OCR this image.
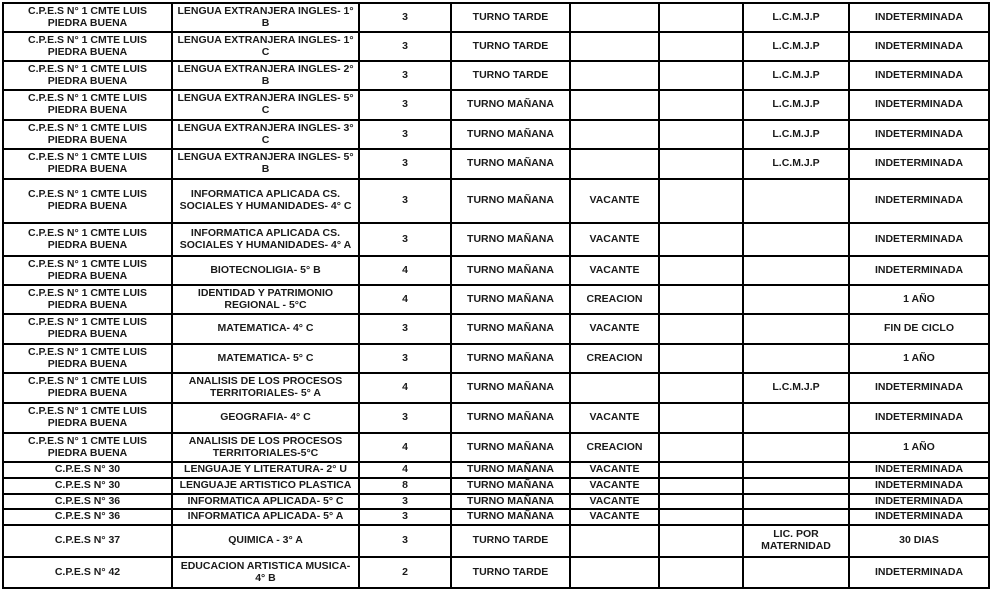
C.P.E.S N° 1 CMTE LUIS PIEDRA BUENA	LENGUA EXTRANJERA INGLES- 1° B	3	TURNO TARDE			L.C.M.J.P	INDETERMINADA
C.P.E.S N° 1 CMTE LUIS PIEDRA BUENA	LENGUA EXTRANJERA INGLES- 1° C	3	TURNO TARDE			L.C.M.J.P	INDETERMINADA
C.P.E.S N° 1 CMTE LUIS PIEDRA BUENA	LENGUA EXTRANJERA INGLES- 2° B	3	TURNO TARDE			L.C.M.J.P	INDETERMINADA
C.P.E.S N° 1 CMTE LUIS PIEDRA BUENA	LENGUA EXTRANJERA INGLES- 5° C	3	TURNO MAÑANA			L.C.M.J.P	INDETERMINADA
C.P.E.S N° 1 CMTE LUIS PIEDRA BUENA	LENGUA EXTRANJERA INGLES- 3° C	3	TURNO MAÑANA			L.C.M.J.P	INDETERMINADA
C.P.E.S N° 1 CMTE LUIS PIEDRA BUENA	LENGUA EXTRANJERA INGLES- 5° B	3	TURNO MAÑANA			L.C.M.J.P	INDETERMINADA
C.P.E.S N° 1 CMTE LUIS PIEDRA BUENA	INFORMATICA APLICADA CS. SOCIALES Y HUMANIDADES- 4° C	3	TURNO MAÑANA	VACANTE			INDETERMINADA
C.P.E.S N° 1 CMTE LUIS PIEDRA BUENA	INFORMATICA APLICADA CS. SOCIALES Y HUMANIDADES- 4° A	3	TURNO MAÑANA	VACANTE			INDETERMINADA
C.P.E.S N° 1 CMTE LUIS PIEDRA BUENA	BIOTECNOLIGIA- 5° B	4	TURNO MAÑANA	VACANTE			INDETERMINADA
C.P.E.S N° 1 CMTE LUIS PIEDRA BUENA	IDENTIDAD Y PATRIMONIO REGIONAL - 5°C	4	TURNO MAÑANA	CREACION			1 AÑO
C.P.E.S N° 1 CMTE LUIS PIEDRA BUENA	MATEMATICA- 4° C	3	TURNO MAÑANA	VACANTE			FIN DE CICLO
C.P.E.S N° 1 CMTE LUIS PIEDRA BUENA	MATEMATICA- 5° C	3	TURNO MAÑANA	CREACION			1 AÑO
C.P.E.S N° 1 CMTE LUIS PIEDRA BUENA	ANALISIS DE LOS PROCESOS TERRITORIALES- 5° A	4	TURNO MAÑANA			L.C.M.J.P	INDETERMINADA
C.P.E.S N° 1 CMTE LUIS PIEDRA BUENA	GEOGRAFIA- 4° C	3	TURNO MAÑANA	VACANTE			INDETERMINADA
C.P.E.S N° 1 CMTE LUIS PIEDRA BUENA	ANALISIS DE LOS PROCESOS TERRITORIALES-5°C	4	TURNO MAÑANA	CREACION			1 AÑO
C.P.E.S N° 30	LENGUAJE Y LITERATURA- 2° U	4	TURNO MAÑANA	VACANTE			INDETERMINADA
C.P.E.S N° 30	LENGUAJE ARTISTICO PLASTICA	8	TURNO MAÑANA	VACANTE			INDETERMINADA
C.P.E.S N° 36	INFORMATICA APLICADA- 5° C	3	TURNO MAÑANA	VACANTE			INDETERMINADA
C.P.E.S N° 36	INFORMATICA APLICADA- 5° A	3	TURNO MAÑANA	VACANTE			INDETERMINADA
C.P.E.S N° 37	QUIMICA - 3° A	3	TURNO TARDE			LIC. POR MATERNIDAD	30 DIAS
C.P.E.S N° 42	EDUCACION ARTISTICA MUSICA- 4° B	2	TURNO TARDE				INDETERMINADA
